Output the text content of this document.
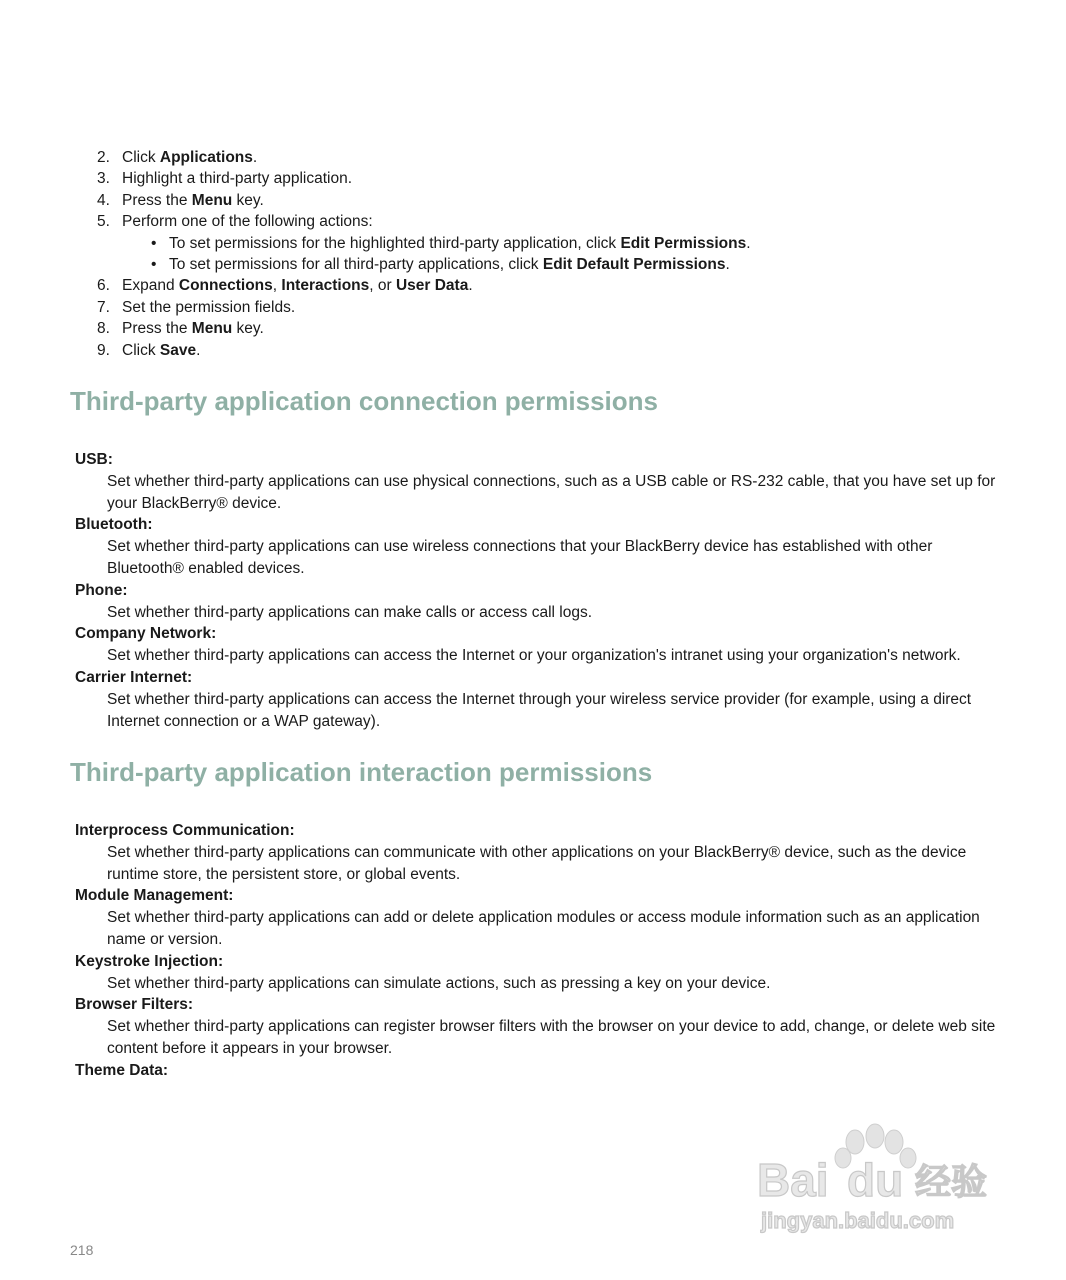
2. Click Applications.
3. Highlight a third-party application.
4. Press the Menu key.
5. Perform one of the following actions:
• To set permissions for the highlighted third-party application, click Edit Permissions.
• To set permissions for all third-party applications, click Edit Default Permissions.
6. Expand Connections, Interactions, or User Data.
7. Set the permission fields.
8. Press the Menu key.
9. Click Save.
Third-party application connection permissions
USB:
Set whether third-party applications can use physical connections, such as a USB cable or RS-232 cable, that you have set up for your BlackBerry® device.
Bluetooth:
Set whether third-party applications can use wireless connections that your BlackBerry device has established with other Bluetooth® enabled devices.
Phone:
Set whether third-party applications can make calls or access call logs.
Company Network:
Set whether third-party applications can access the Internet or your organization's intranet using your organization's network.
Carrier Internet:
Set whether third-party applications can access the Internet through your wireless service provider (for example, using a direct Internet connection or a WAP gateway).
Third-party application interaction permissions
Interprocess Communication:
Set whether third-party applications can communicate with other applications on your BlackBerry® device, such as the device runtime store, the persistent store, or global events.
Module Management:
Set whether third-party applications can add or delete application modules or access module information such as an application name or version.
Keystroke Injection:
Set whether third-party applications can simulate actions, such as pressing a key on your device.
Browser Filters:
Set whether third-party applications can register browser filters with the browser on your device to add, change, or delete web site content before it appears in your browser.
Theme Data:
Bai du 经验
jingyan.baidu.com
218
